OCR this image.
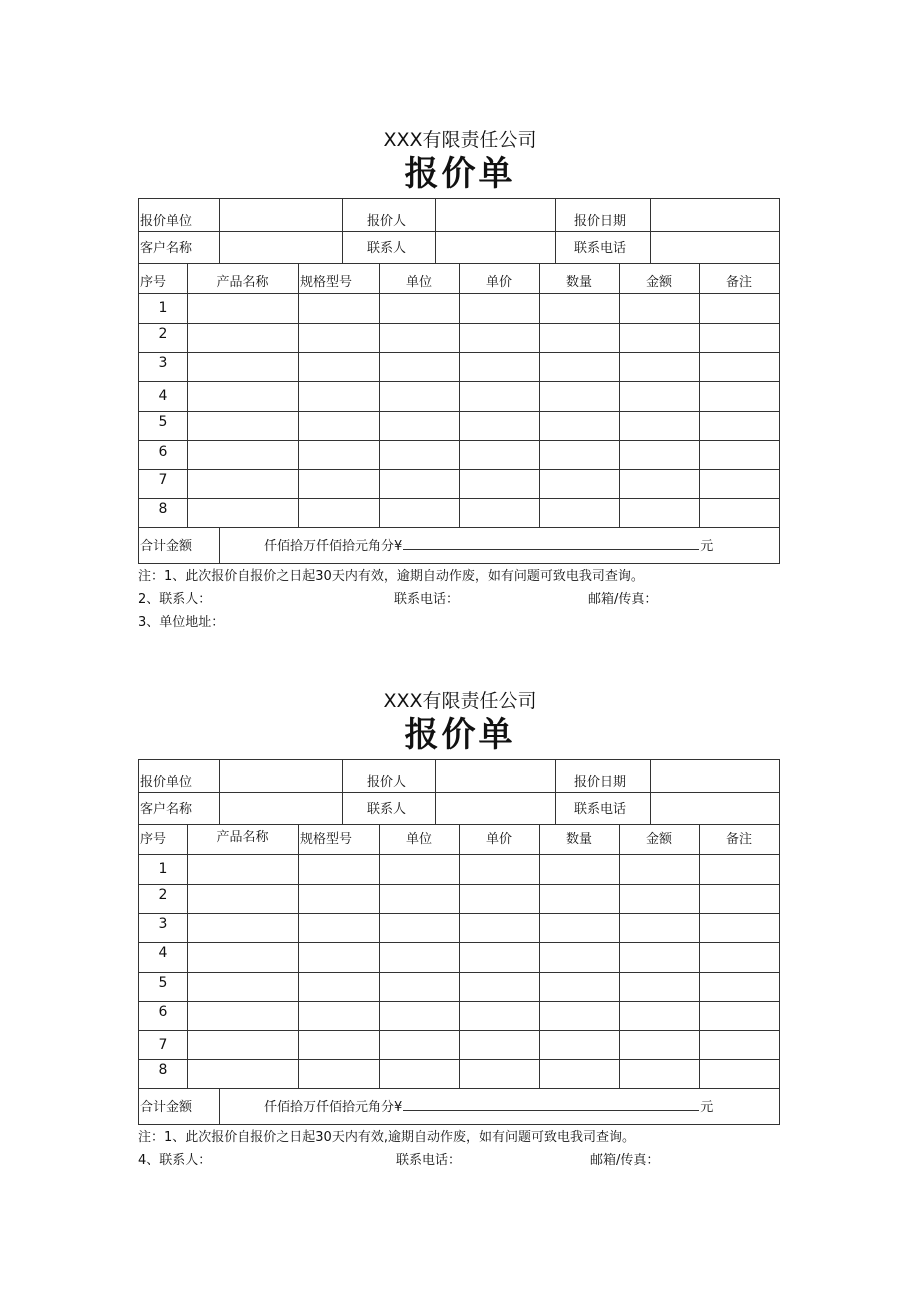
XXX有限责任公司
报价单
报价单位	报价人	报价日期
客户名称	联系人	联系电话
序号	产品名称	规格型号	单位	单价	数量	金额	备注
1
2
3
4
5
6
7
8
合计金额	仟佰拾万仟佰拾元角分¥	元
注：1、此次报价自报价之日起30天内有效，逾期自动作废，如有问题可致电我司查询。
2、联系人：	联系电话：	邮箱/传真：
3、单位地址：
XXX有限责任公司
报价单
报价单位	报价人	报价日期
客户名称	联系人	联系电话
序号	产品名称	规格型号	单位	单价	数量	金额	备注
1
2
3
4
5
6
7
8
合计金额	仟佰拾万仟佰拾元角分¥	元
注：1、此次报价自报价之日起30天内有效,逾期自动作废，如有问题可致电我司查询。
4、联系人：	联系电话：	邮箱/传真：
